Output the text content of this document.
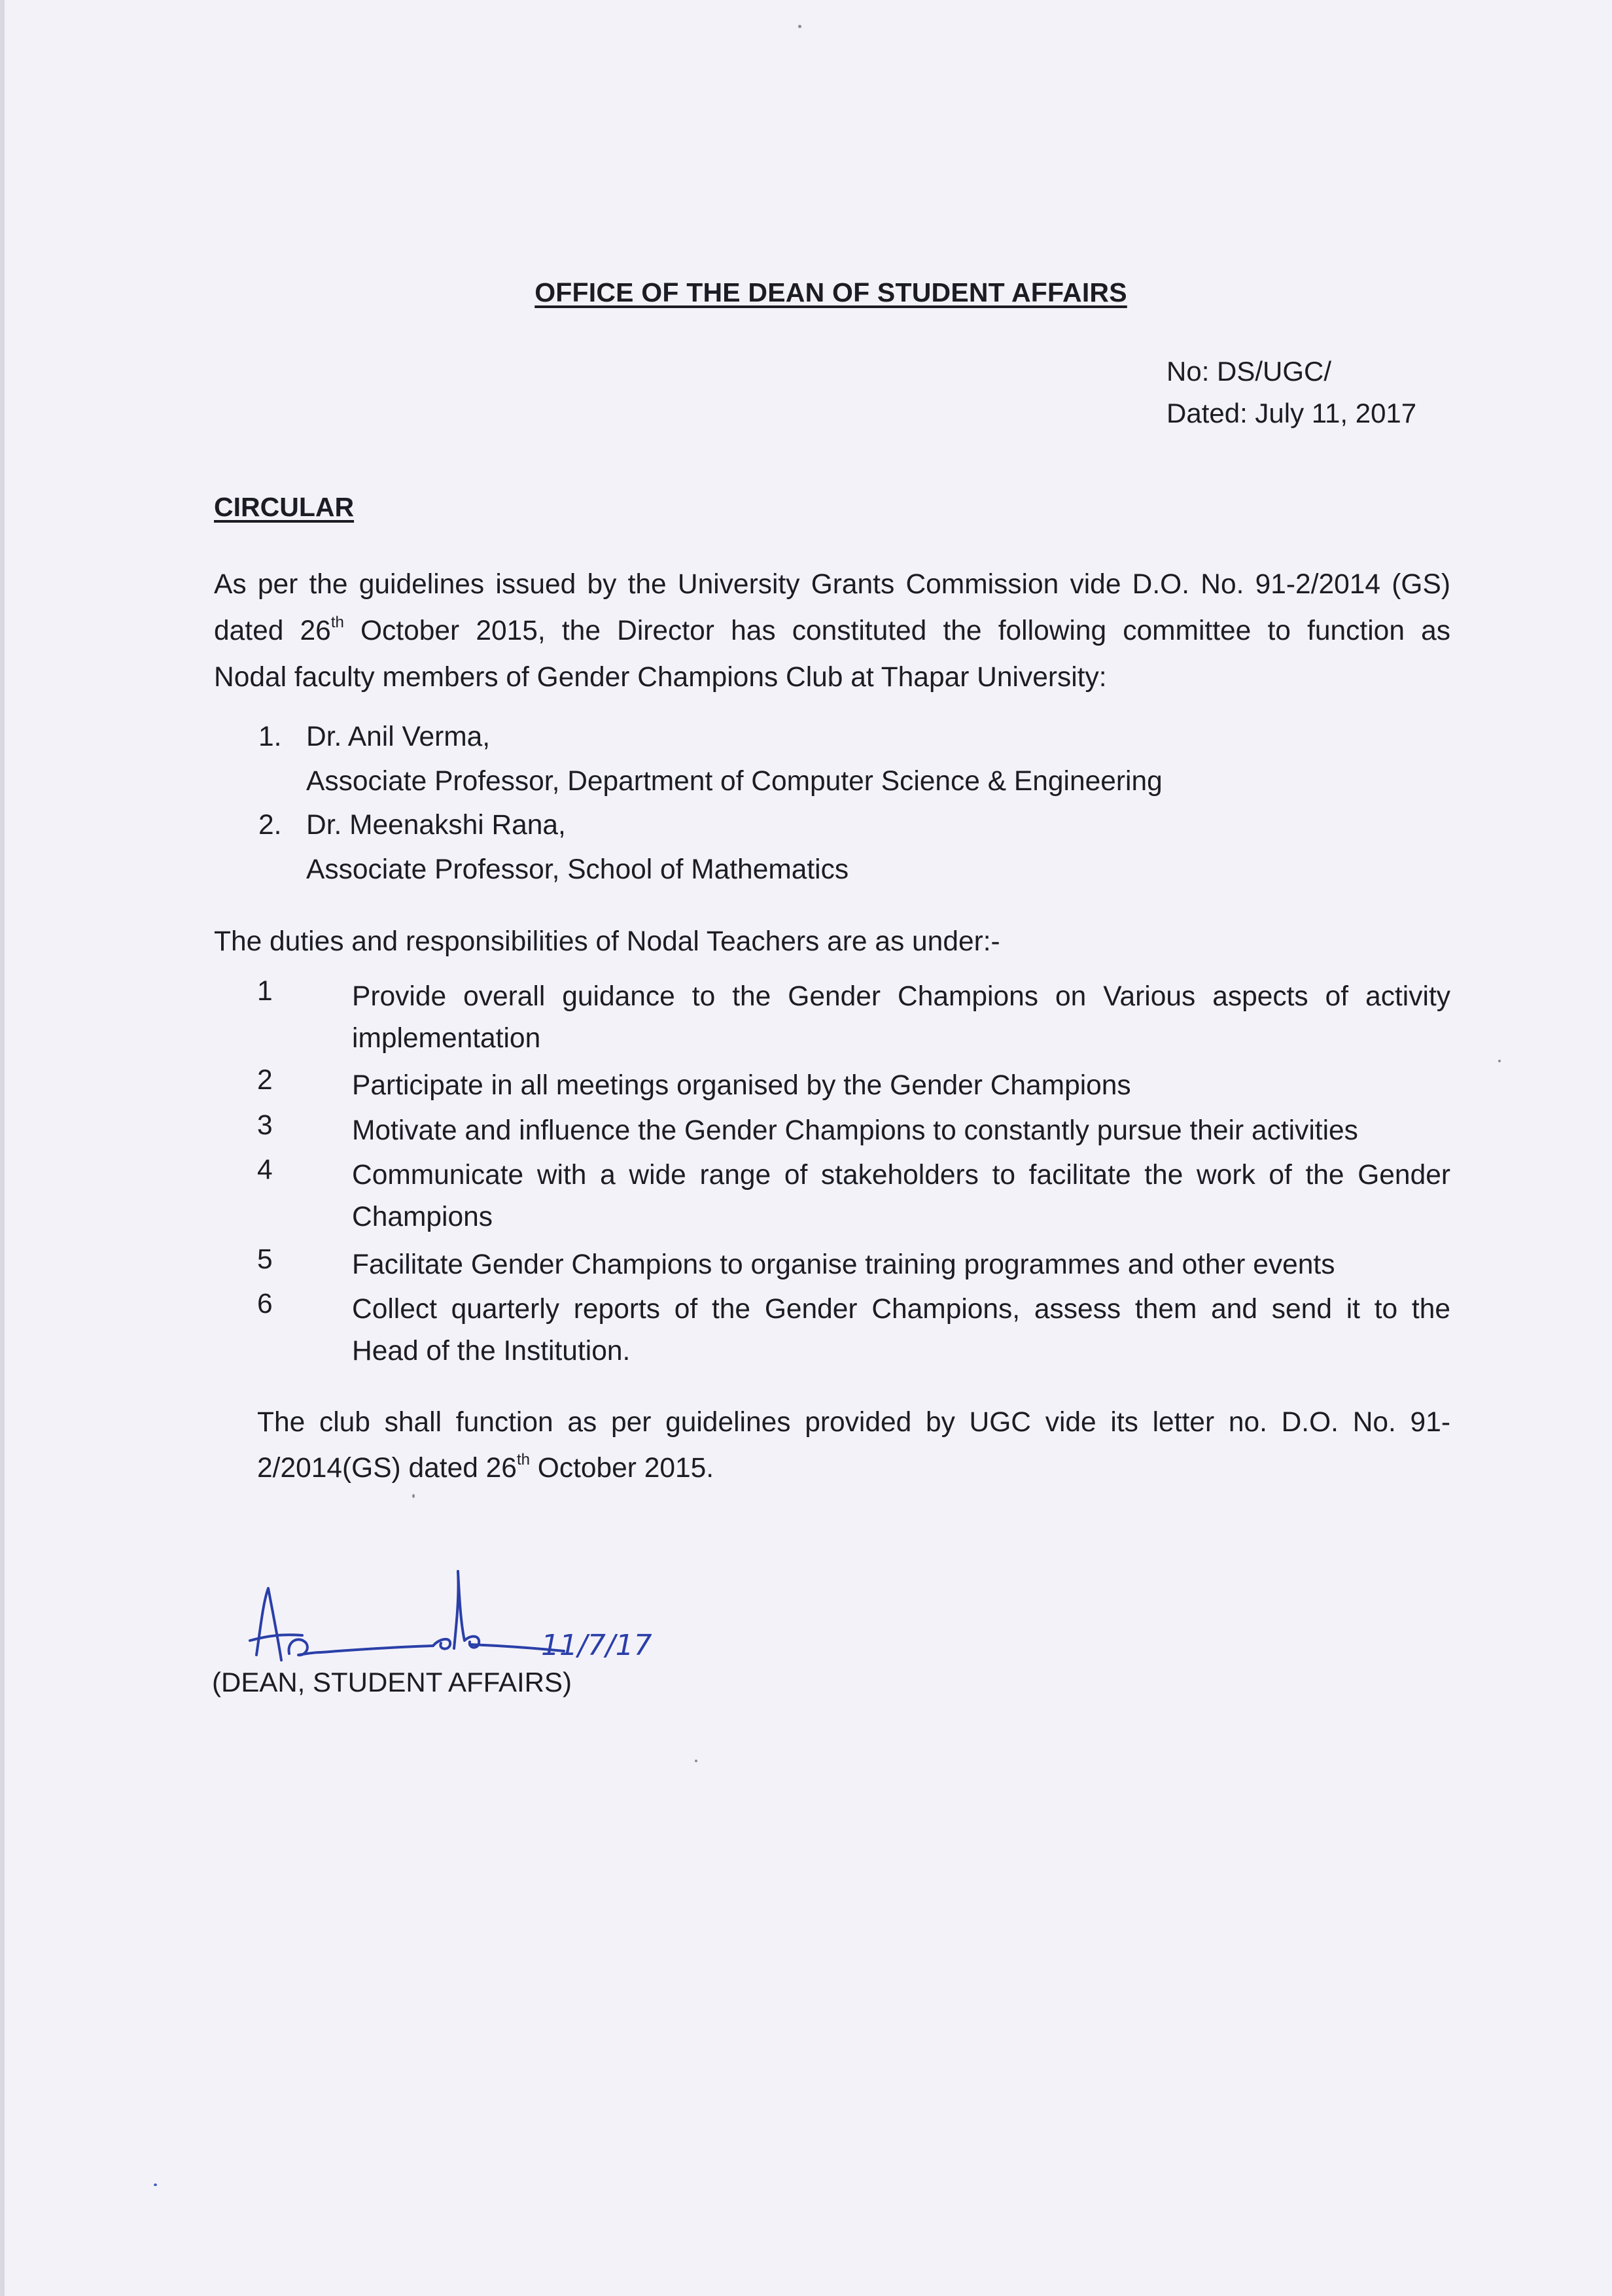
OFFICE OF THE DEAN OF STUDENT AFFAIRS
No: DS/UGC/
Dated: July 11, 2017
CIRCULAR
As per the guidelines issued by the University Grants Commission vide D.O. No. 91-2/2014 (GS)
dated 26th October 2015, the Director has constituted the following committee to function as
Nodal faculty members of Gender Champions Club at Thapar University:
1. Dr. Anil Verma,
Associate Professor, Department of Computer Science & Engineering
2. Dr. Meenakshi Rana,
Associate Professor, School of Mathematics
The duties and responsibilities of Nodal Teachers are as under:-
1	Provide overall guidance to the Gender Champions on Various aspects of activity
implementation
2	Participate in all meetings organised by the Gender Champions
3	Motivate and influence the Gender Champions to constantly pursue their activities
4	Communicate with a wide range of stakeholders to facilitate the work of the Gender
Champions
5	Facilitate Gender Champions to organise training programmes and other events
6	Collect quarterly reports of the Gender Champions, assess them and send it to the
Head of the Institution.
The club shall function as per guidelines provided by UGC vide its letter no. D.O. No. 91-
2/2014(GS) dated 26th October 2015.
11/7/17
(DEAN, STUDENT AFFAIRS)
